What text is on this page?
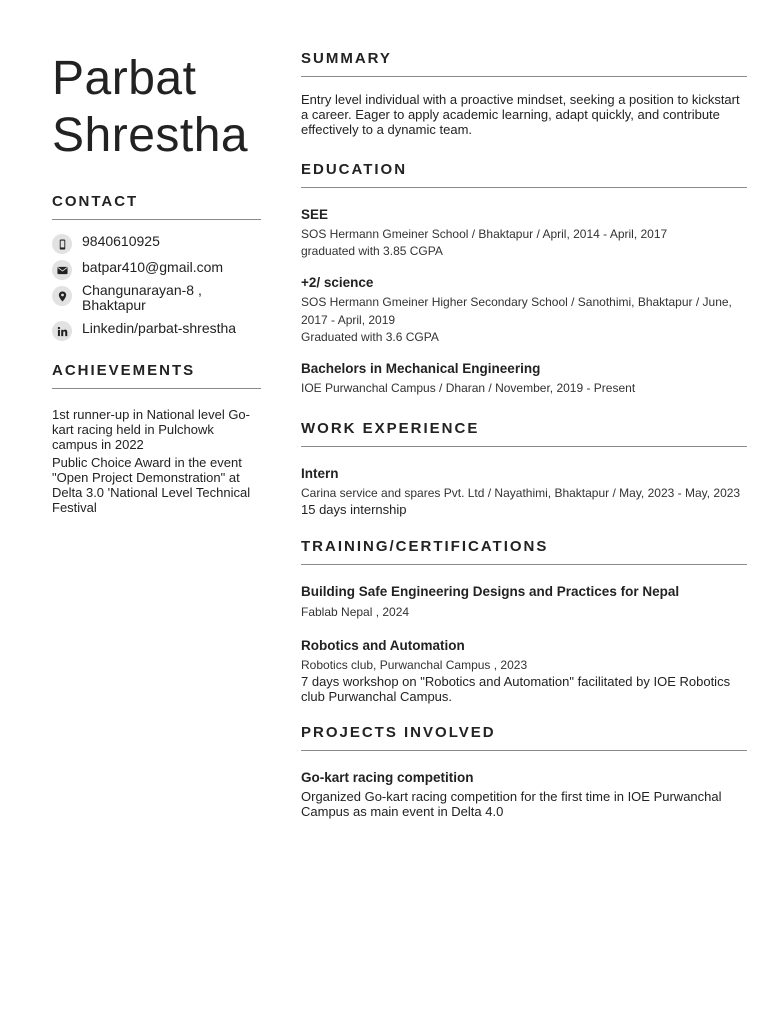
Parbat
Shrestha
CONTACT
9840610925
batpar410@gmail.com
Changunarayan-8 ,
Bhaktapur
Linkedin/parbat-shrestha
ACHIEVEMENTS

1st runner-up in National level Go-kart racing held in Pulchowk campus in 2022

Public Choice Award in the event "Open Project Demonstration" at Delta 3.0 'National Level Technical Festival

SUMMARY

Entry level individual with a proactive mindset, seeking a position to kickstart a career. Eager to apply academic learning, adapt quickly, and contribute effectively to a dynamic team.

EDUCATION

SEE

SOS Hermann Gmeiner School / Bhaktapur / April, 2014 - April, 2017

graduated with 3.85 CGPA

+2/ science

SOS Hermann Gmeiner Higher Secondary School / Sanothimi, Bhaktapur / June, 2017 - April, 2019

Graduated with 3.6 CGPA

Bachelors in Mechanical Engineering

IOE Purwanchal Campus / Dharan / November, 2019 - Present

WORK EXPERIENCE

Intern

Carina service and spares Pvt. Ltd / Nayathimi, Bhaktapur / May, 2023 - May, 2023

15 days internship

TRAINING/CERTIFICATIONS

Building Safe Engineering Designs and Practices for Nepal

Fablab Nepal , 2024

Robotics and Automation

Robotics club, Purwanchal Campus , 2023

7 days workshop on "Robotics and Automation" facilitated by IOE Robotics club Purwanchal Campus.

PROJECTS INVOLVED

Go-kart racing competition

Organized Go-kart racing competition for the first time in IOE Purwanchal Campus as main event in Delta 4.0
